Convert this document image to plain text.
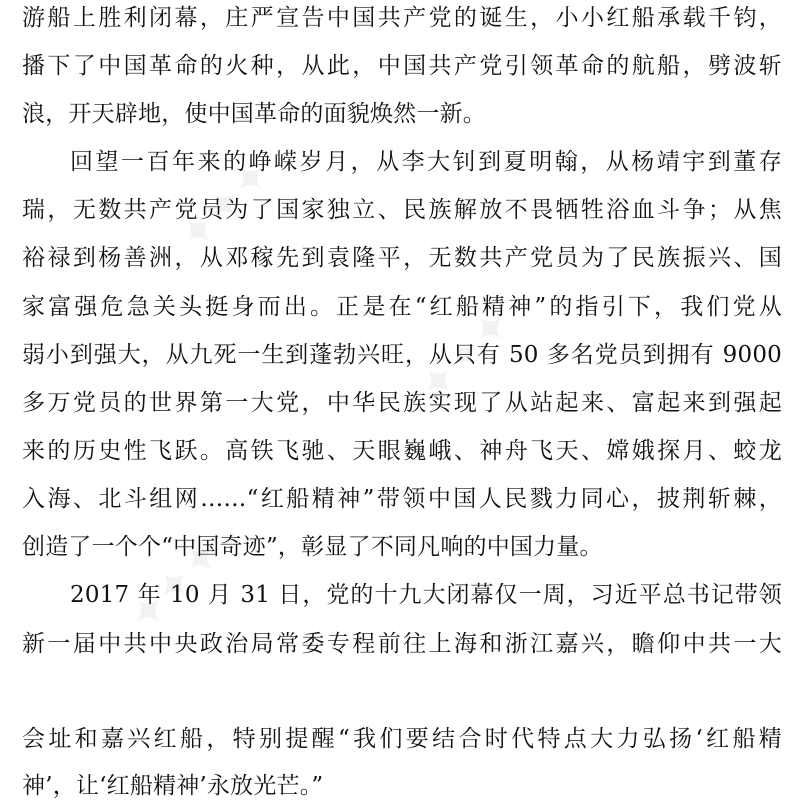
✦✦✦
✦✦✦
✦✦✦
游船上胜利闭幕，庄严宣告中国共产党的诞生，小小红船承载千钧，
播下了中国革命的火种，从此，中国共产党引领革命的航船，劈波斩
浪，开天辟地，使中国革命的面貌焕然一新。
回望一百年来的峥嵘岁月，从李大钊到夏明翰，从杨靖宇到董存
瑞，无数共产党员为了国家独立、民族解放不畏牺牲浴血斗争；从焦
裕禄到杨善洲，从邓稼先到袁隆平，无数共产党员为了民族振兴、国
家富强危急关头挺身而出。正是在“红船精神”的指引下，我们党从
弱小到强大，从九死一生到蓬勃兴旺，从只有 50 多名党员到拥有 9000
多万党员的世界第一大党，中华民族实现了从站起来、富起来到强起
来的历史性飞跃。高铁飞驰、天眼巍峨、神舟飞天、嫦娥探月、蛟龙
入海、北斗组网……“红船精神”带领中国人民戮力同心，披荆斩棘，
创造了一个个“中国奇迹”，彰显了不同凡响的中国力量。
2017 年 10 月 31 日，党的十九大闭幕仅一周，习近平总书记带领
新一届中共中央政治局常委专程前往上海和浙江嘉兴，瞻仰中共一大
会址和嘉兴红船，特别提醒“我们要结合时代特点大力弘扬‘红船精
神’，让‘红船精神’永放光芒。”
